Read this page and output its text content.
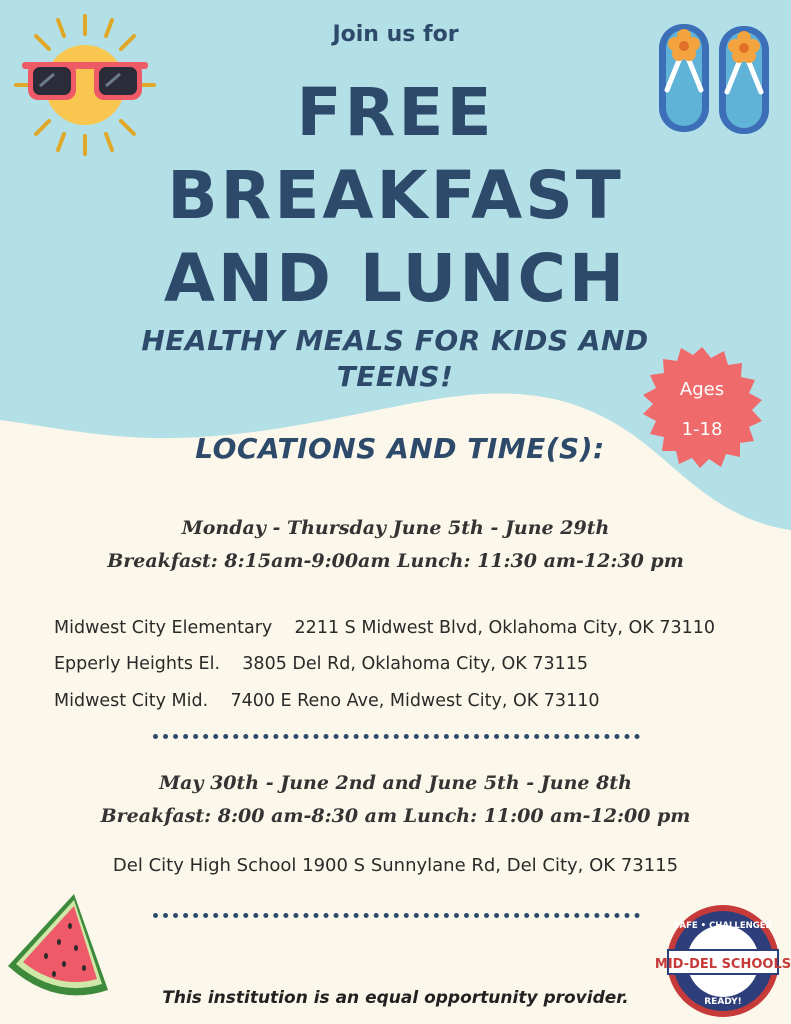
Join us for
FREE
BREAKFAST
AND LUNCH
HEALTHY MEALS FOR KIDS AND TEENS!	Ages
1-18
LOCATIONS AND TIME(S):
Monday - Thursday June 5th - June 29th
Breakfast: 8:15am-9:00am Lunch: 11:30 am-12:30 pm
Midwest City Elementary 2211 S Midwest Blvd, Oklahoma City, OK 73110
Epperly Heights El. 3805 Del Rd, Oklahoma City, OK 73115
Midwest City Mid. 7400 E Reno Ave, Midwest City, OK 73110
May 30th - June 2nd and June 5th - June 8th
Breakfast: 8:00 am-8:30 am Lunch: 11:00 am-12:00 pm
Del City High School 1900 S Sunnylane Rd, Del City, OK 73115
This institution is an equal opportunity provider.
SAFE • CHALLENGED
MID-DEL SCHOOLS
READY!
